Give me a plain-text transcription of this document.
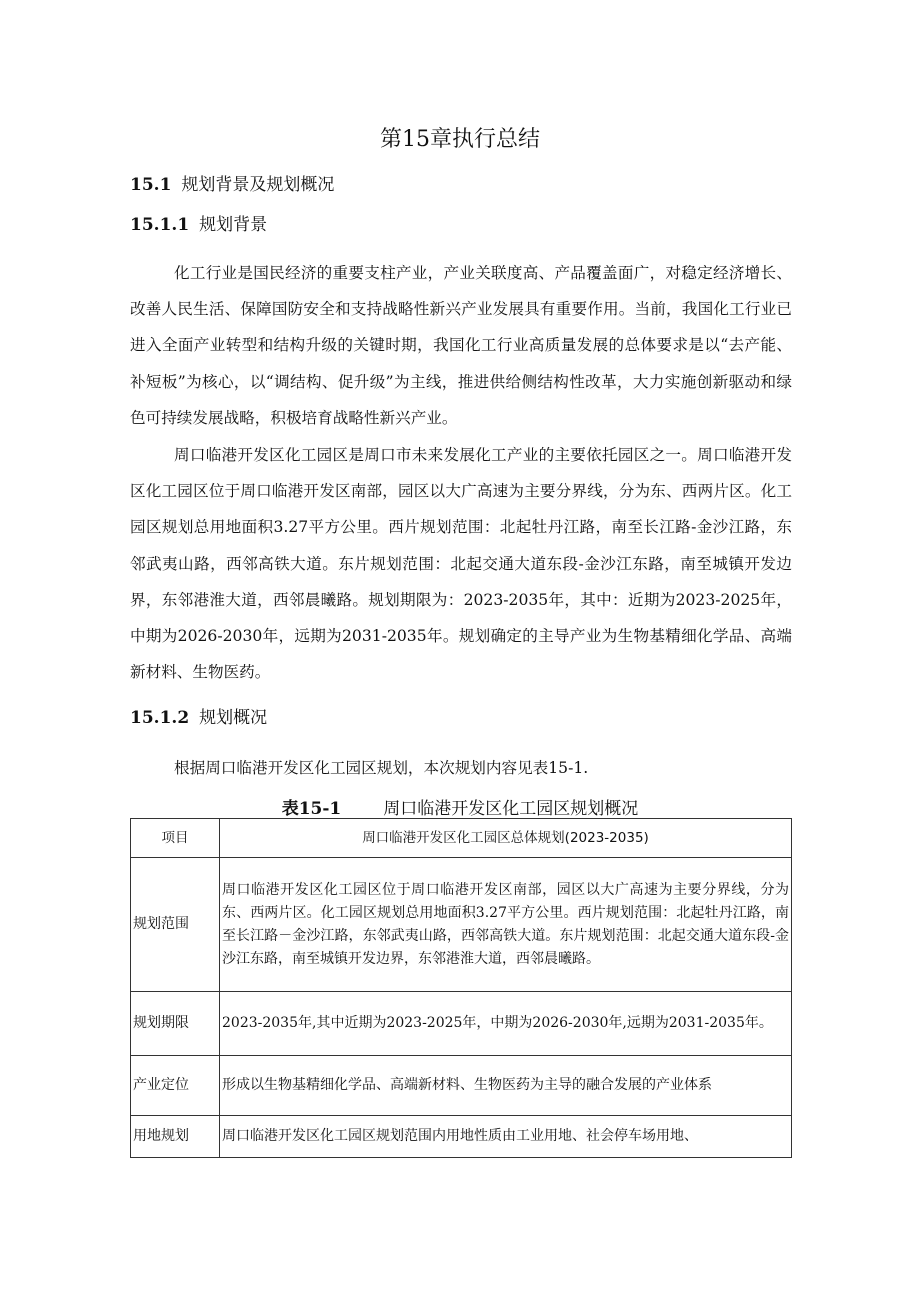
第15章执行总结
15.1 规划背景及规划概况
15.1.1 规划背景
化工行业是国民经济的重要支柱产业，产业关联度高、产品覆盖面广，对稳定经济增长、改善人民生活、保障国防安全和支持战略性新兴产业发展具有重要作用。当前，我国化工行业已进入全面产业转型和结构升级的关键时期，我国化工行业高质量发展的总体要求是以“去产能、补短板”为核心，以“调结构、促升级”为主线，推进供给侧结构性改革，大力实施创新驱动和绿色可持续发展战略，积极培育战略性新兴产业。
周口临港开发区化工园区是周口市未来发展化工产业的主要依托园区之一。周口临港开发区化工园区位于周口临港开发区南部，园区以大广高速为主要分界线，分为东、西两片区。化工园区规划总用地面积3.27平方公里。西片规划范围：北起牡丹江路，南至长江路-金沙江路，东邻武夷山路，西邻高铁大道。东片规划范围：北起交通大道东段-金沙江东路，南至城镇开发边界，东邻港淮大道，西邻晨曦路。规划期限为：2023-2035年，其中：近期为2023-2025年，中期为2026-2030年，远期为2031-2035年。规划确定的主导产业为生物基精细化学品、高端新材料、生物医药。
15.1.2 规划概况
根据周口临港开发区化工园区规划，本次规划内容见表15-1.
表15-1 周口临港开发区化工园区规划概况
项目	周口临港开发区化工园区总体规划(2023-2035)
规划范围	周口临港开发区化工园区位于周口临港开发区南部，园区以大广高速为主要分界线，分为东、西两片区。化工园区规划总用地面积3.27平方公里。西片规划范围：北起牡丹江路，南至长江路－金沙江路，东邻武夷山路，西邻高铁大道。东片规划范围：北起交通大道东段-金沙江东路，南至城镇开发边界，东邻港淮大道，西邻晨曦路。
规划期限	2023-2035年,其中近期为2023-2025年，中期为2026-2030年,远期为2031-2035年。
产业定位	形成以生物基精细化学品、高端新材料、生物医药为主导的融合发展的产业体系
用地规划	周口临港开发区化工园区规划范围内用地性质由工业用地、社会停车场用地、
